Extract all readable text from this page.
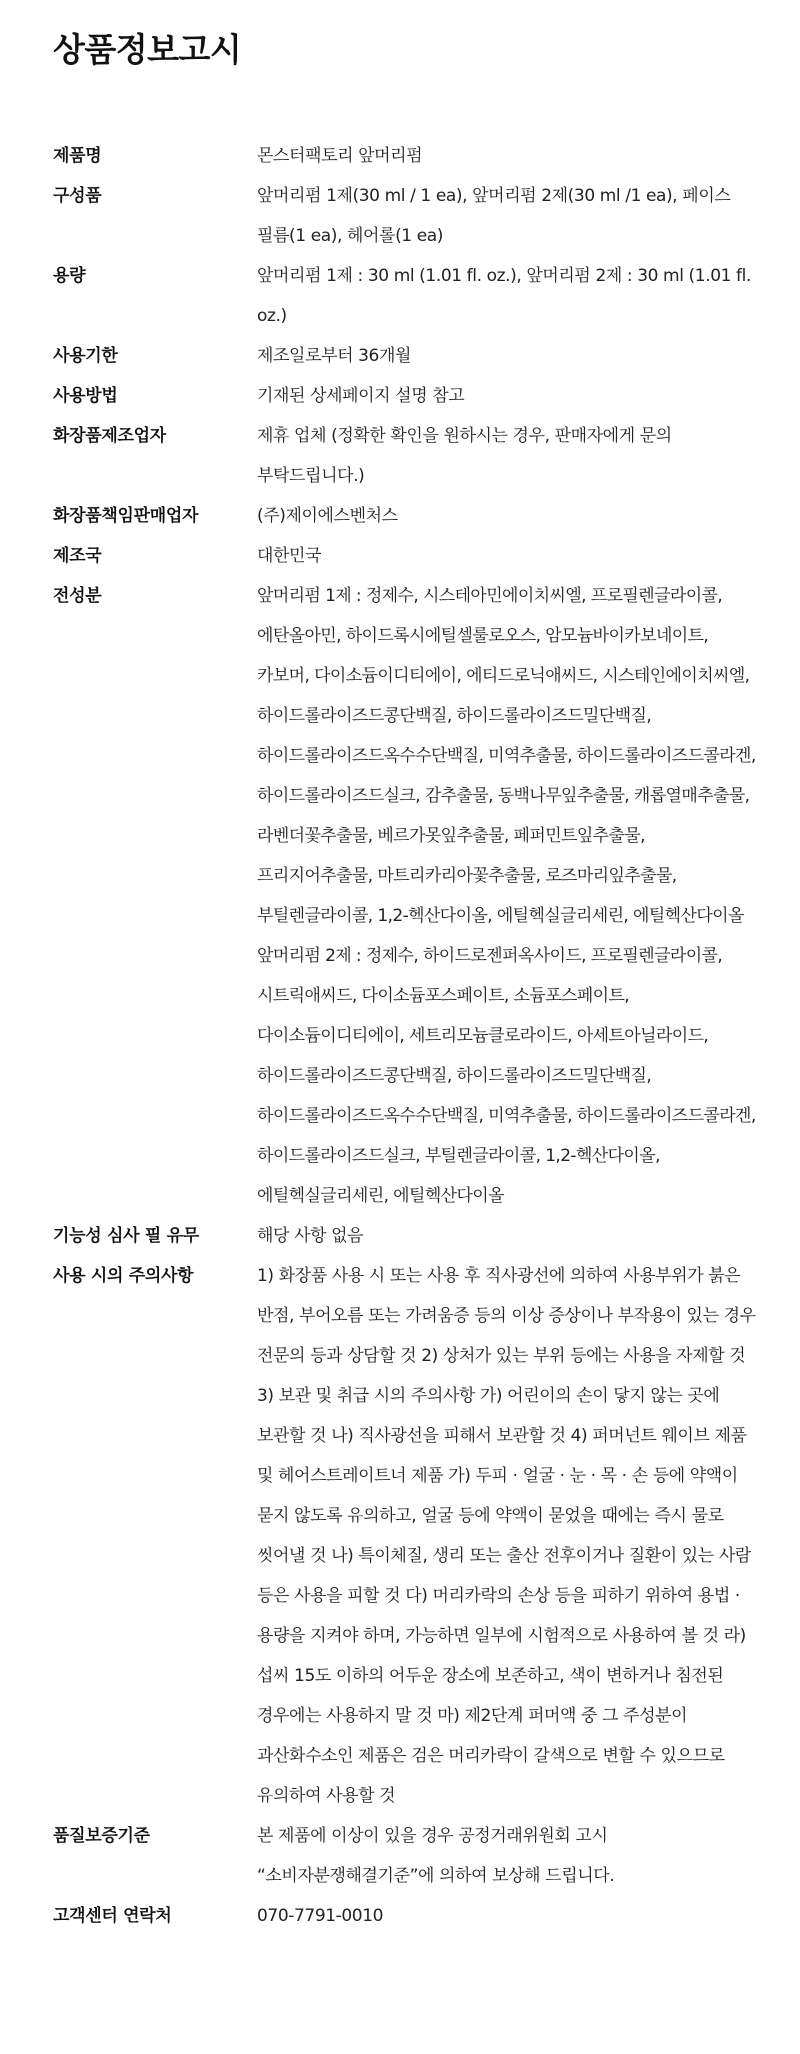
상품정보고시
제품명	몬스터팩토리 앞머리펌
구성품	앞머리펌 1제(30 ml / 1 ea), 앞머리펌 2제(30 ml /1 ea), 페이스 필름(1 ea), 헤어롤(1 ea)
용량	앞머리펌 1제 : 30 ml (1.01 fl. oz.), 앞머리펌 2제 : 30 ml (1.01 fl. oz.)
사용기한	제조일로부터 36개월
사용방법	기재된 상세페이지 설명 참고
화장품제조업자	제휴 업체 (정확한 확인을 원하시는 경우, 판매자에게 문의 부탁드립니다.)
화장품책임판매업자	(주)제이에스벤처스
제조국	대한민국
전성분	앞머리펌 1제 : 정제수, 시스테아민에이치씨엘, 프로필렌글라이콜, 에탄올아민, 하이드록시에틸셀룰로오스, 암모늄바이카보네이트, 카보머, 다이소듐이디티에이, 에티드로닉애씨드, 시스테인에이치씨엘, 하이드롤라이즈드콩단백질, 하이드롤라이즈드밀단백질, 하이드롤라이즈드옥수수단백질, 미역추출물, 하이드롤라이즈드콜라겐, 하이드롤라이즈드실크, 감추출물, 동백나무잎추출물, 캐롭열매추출물, 라벤더꽃추출물, 베르가못잎추출물, 페퍼민트잎추출물, 프리지어추출물, 마트리카리아꽃추출물, 로즈마리잎추출물, 부틸렌글라이콜, 1,2-헥산다이올, 에틸헥실글리세린, 에틸헥산다이올 앞머리펌 2제 : 정제수, 하이드로젠퍼옥사이드, 프로필렌글라이콜, 시트릭애씨드, 다이소듐포스페이트, 소듐포스페이트, 다이소듐이디티에이, 세트리모늄클로라이드, 아세트아닐라이드, 하이드롤라이즈드콩단백질, 하이드롤라이즈드밀단백질, 하이드롤라이즈드옥수수단백질, 미역추출물, 하이드롤라이즈드콜라겐, 하이드롤라이즈드실크, 부틸렌글라이콜, 1,2-헥산다이올, 에틸헥실글리세린, 에틸헥산다이올
기능성 심사 필 유무	해당 사항 없음
사용 시의 주의사항	1) 화장품 사용 시 또는 사용 후 직사광선에 의하여 사용부위가 붉은 반점, 부어오름 또는 가려움증 등의 이상 증상이나 부작용이 있는 경우 전문의 등과 상담할 것 2) 상처가 있는 부위 등에는 사용을 자제할 것 3) 보관 및 취급 시의 주의사항 가) 어린이의 손이 닿지 않는 곳에 보관할 것 나) 직사광선을 피해서 보관할 것 4) 퍼머넌트 웨이브 제품 및 헤어스트레이트너 제품 가) 두피 · 얼굴 · 눈 · 목 · 손 등에 약액이 묻지 않도록 유의하고, 얼굴 등에 약액이 묻었을 때에는 즉시 물로 씻어낼 것 나) 특이체질, 생리 또는 출산 전후이거나 질환이 있는 사람 등은 사용을 피할 것 다) 머리카락의 손상 등을 피하기 위하여 용법 · 용량을 지켜야 하며, 가능하면 일부에 시험적으로 사용하여 볼 것 라) 섭씨 15도 이하의 어두운 장소에 보존하고, 색이 변하거나 침전된 경우에는 사용하지 말 것 마) 제2단계 퍼머액 중 그 주성분이 과산화수소인 제품은 검은 머리카락이 갈색으로 변할 수 있으므로 유의하여 사용할 것
품질보증기준	본 제품에 이상이 있을 경우 공정거래위원회 고시 “소비자분쟁해결기준”에 의하여 보상해 드립니다.
고객센터 연락처	070-7791-0010
